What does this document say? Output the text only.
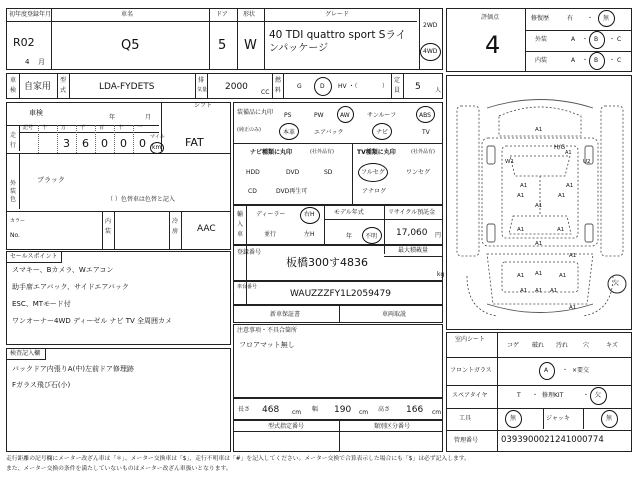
初年度登録年月
R02
4 月
車名
Q5
ドア
5
形状
W
グレード
40 TDI quattro sport Sライ
ンパッケージ
2WD
4WD
車
検 自家用
型
式	LDA-FYDETS
排
気量 2000
CC
燃
料
G	D HV ・（	）
定
員 5 人
車検
年	月
シフト
FAT
走
行
記号 十	万	千	百	十	一
3 6 0 0 0 マイル
km
外
装
色
ブラック
（ ）色替車は色替と記入
カラー
No.
内
装
冷
房 AAC
セールスポイント
スマキー、Bカメラ、Wエアコン
助手席エアバック、サイドエアバック
ESC、MTモード付
ワンオーナー4WD ディーゼル ナビ TV 全周囲カメ
検査記入欄
バックドア内張りA(中)左前ドア修理跡
Fガラス飛び石(小)
装備品に丸印
(純正のみ)
PS	PW	AW	サンルーフ	ABS
本革	エアバック	ナビ	TV
ナビ種類に丸印	(社外品有)
HDD	DVD	SD
CD	DVD再生可
TV種類に丸印	(社外品有)
フルセグ	ワンセグ
アナログ
輸
入
車
ディーラー	右H
並行	左H
モデル年式
年 不明
リサイクル預託金
17,060 円
登録番号	最大積載量
板橋300す4836
kg
車台番号
WAUZZZFY1L2059479
新車保証書	車両取説
注意事項・不具合箇所
フロアマット無し
長さ 468 cm 幅 190 cm 高さ 166 cm
型式指定番号	類別区分番号
評価点
4
修復歴	有 ・ 無
外装	A ・ B ・ C
内装	A ・ B ・ C
A1
A1	A1
W1	U2
A1
A1	A1
A1
A1
A1
A1
A1	A1
A1
A1	A1
A1
A1
H/G
A1
欠
室内シート
コゲ 破れ 汚れ 穴	キズ
フロントガラス	A ・ ×要交
スペアタイヤ	T ・ 修理KIT	・ 欠
工具	無	ジャッキ	無
管理番号	0393900021241000774
走行距離の記号欄にメーター改ざん車は「＊」、メーター交換車は「$」、走行不明車は「#」を記入してください。メーター交換で合算表示した場合にも「$」は必ず記入します。
また、メーター交換の条件を満たしていないものはメーター改ざん車扱いとなります。
